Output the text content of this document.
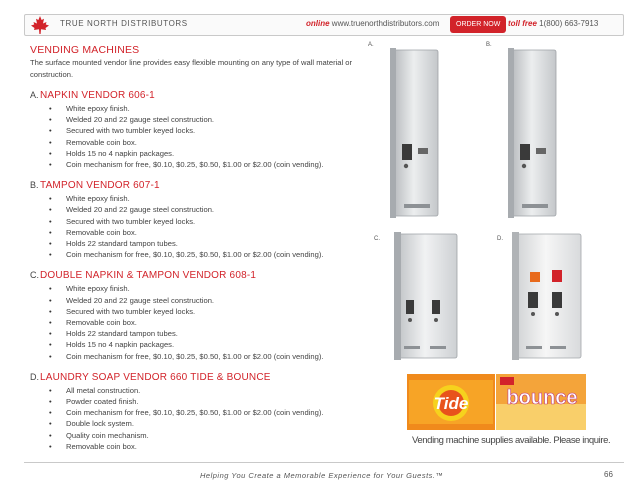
TRUE NORTH DISTRIBUTORS	online www.truenorthdistributors.com	ORDER NOW toll free 1(800) 663-7913
VENDING MACHINES
The surface mounted vendor line provides easy flexible mounting on any type of wall material or construction.
A. NAPKIN VENDOR 606-1
• White epoxy finish.
• Welded 20 and 22 gauge steel construction.
• Secured with two tumbler keyed locks.
• Removable coin box.
• Holds 15 no 4 napkin packages.
• Coin mechanism for free, $0.10, $0.25, $0.50, $1.00 or $2.00 (coin vending).
B. TAMPON VENDOR 607-1
• White epoxy finish.
• Welded 20 and 22 gauge steel construction.
• Secured with two tumbler keyed locks.
• Removable coin box.
• Holds 22 standard tampon tubes.
• Coin mechanism for free, $0.10, $0.25, $0.50, $1.00 or $2.00 (coin vending).
C. DOUBLE NAPKIN & TAMPON VENDOR 608-1
• White epoxy finish.
• Welded 20 and 22 gauge steel construction.
• Secured with two tumbler keyed locks.
• Removable coin box.
• Holds 22 standard tampon tubes.
• Holds 15 no 4 napkin packages.
• Coin mechanism for free, $0.10, $0.25, $0.50, $1.00 or $2.00 (coin vending).
D. LAUNDRY SOAP VENDOR 660 TIDE & BOUNCE
• All metal construction.
• Powder coated finish.
• Coin mechanism for free, $0.10, $0.25, $0.50, $1.00 or $2.00 (coin vending).
• Double lock system.
• Quality coin mechanism.
• Removable coin box.
A.	B.
C.	D.
Tide bounce
Vending machine supplies available. Please inquire.
Helping You Create a Memorable Experience for Your Guests.™	66
